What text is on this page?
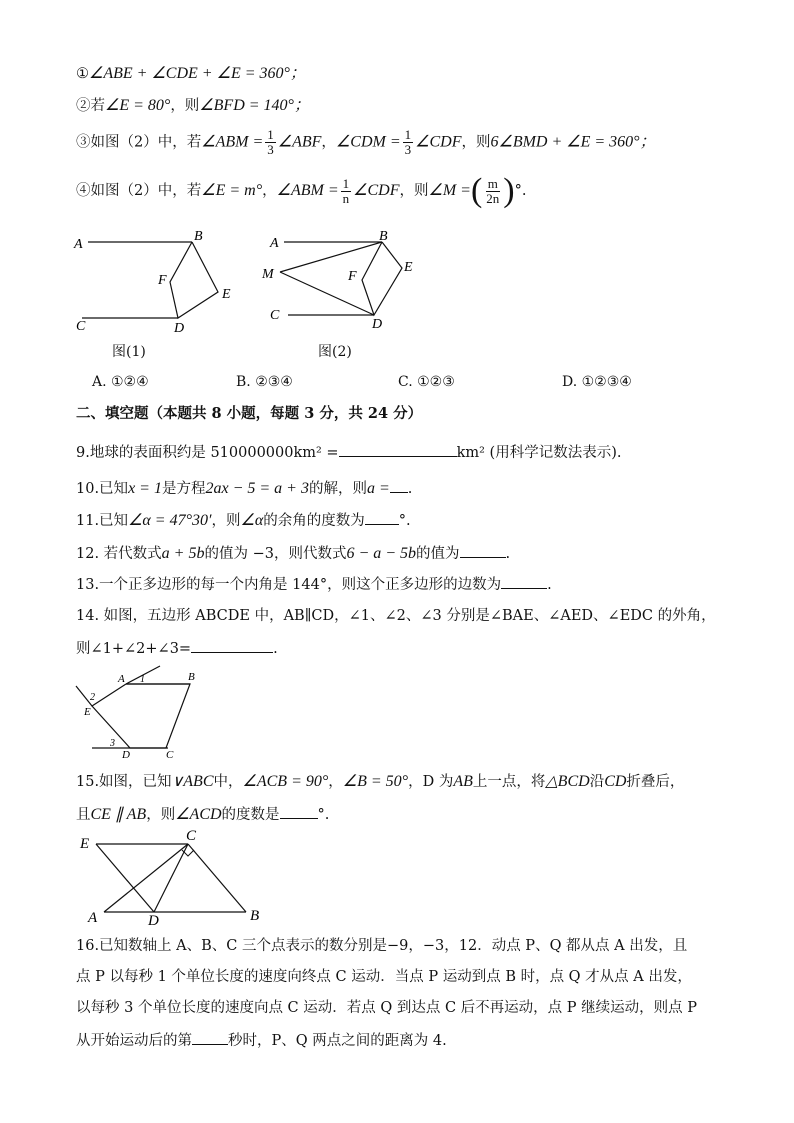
①∠ABE + ∠CDE + ∠E = 360°；
②若∠E = 80°，则∠BFD = 140°；
③如图（2）中，若∠ABM = $\frac{1}{3}$ ∠ABF，∠CDM = $\frac{1}{3}$ ∠CDF，则6∠BMD + ∠E = 360°；
④如图（2）中，若∠E = m°，∠ABM = $\frac{1}{n}$ ∠CDF，则∠M =( $\frac{m}{2n}$ )°.
A
B
F
E
C	D
图(1)
A	B
M	F
E
C
D
图(2)
A. ①②④	B. ②③④	C. ①②③	D. ①②③④
二、填空题（本题共 8 小题，每题 3 分，共 24 分）
9.地球的表面积约是 510000000km² =	km² (用科学记数法表示).
10.已知x = 1是方程2ax − 5 = a + 3的解，则a = .
11.已知∠α = 47°30′，则∠α的余角的度数为 °.
12. 若代数式a + 5b的值为 −3，则代数式6 − a − 5b的值为	.
13.一个正多边形的每一个内角是 144°，则这个正多边形的边数为	.
14. 如图，五边形 ABCDE 中，AB∥CD，∠1、∠2、∠3 分别是∠BAE、∠AED、∠EDC 的外角，
则∠1+∠2+∠3=	.
A 1	B
2
E
3
D	C
15.如图，已知∨ABC中，∠ACB = 90°，∠B = 50°，D 为AB上一点，将△BCD沿CD折叠后，
且CE ∥ AB，则∠ACD的度数是	°.
E	C
A	D	B
16.已知数轴上 A、B、C 三个点表示的数分别是−9，−3，12．动点 P、Q 都从点 A 出发，且
点 P 以每秒 1 个单位长度的速度向终点 C 运动．当点 P 运动到点 B 时，点 Q 才从点 A 出发，
以每秒 3 个单位长度的速度向点 C 运动．若点 Q 到达点 C 后不再运动，点 P 继续运动，则点 P
从开始运动后的第 秒时，P、Q 两点之间的距离为 4.
